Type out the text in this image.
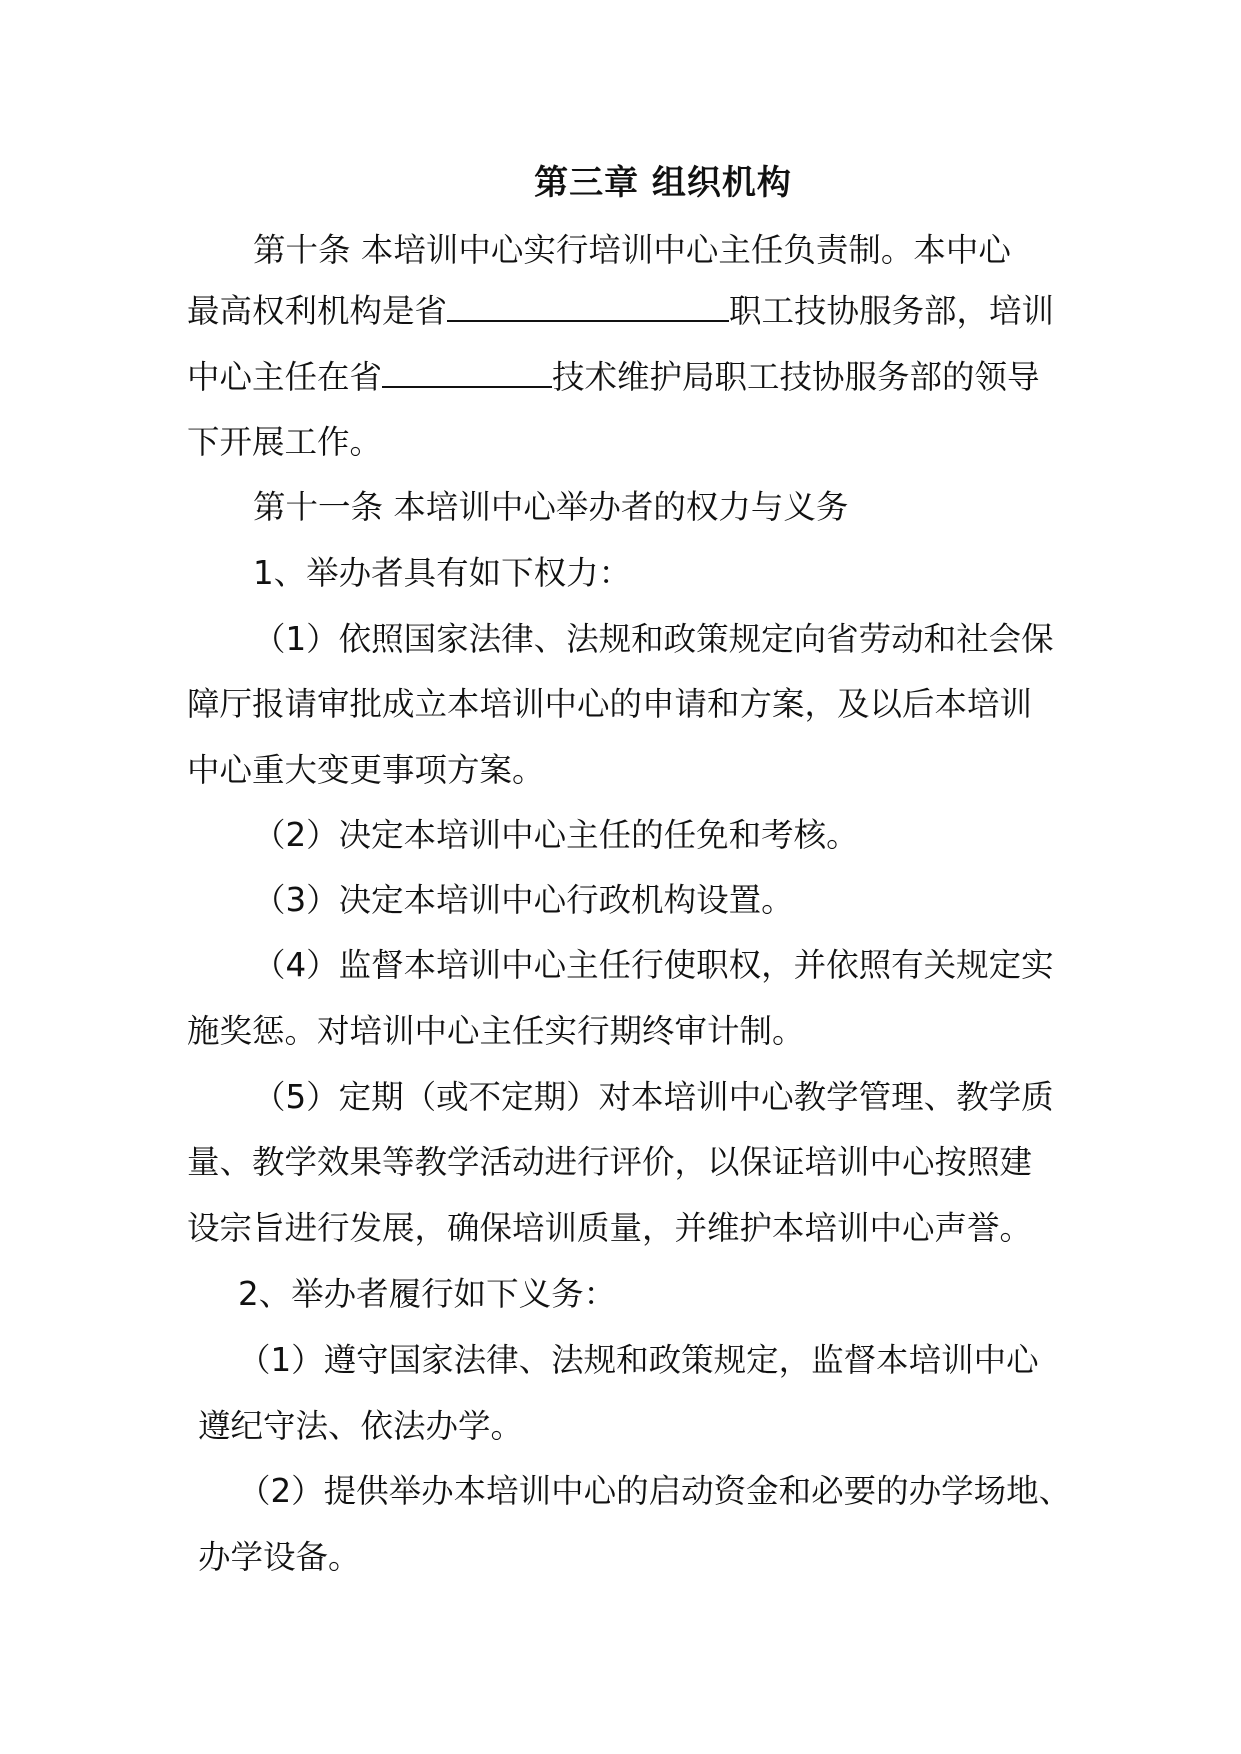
第三章 组织机构
第十条 本培训中心实行培训中心主任负责制。本中心
最高权利机构是省	职工技协服务部，培训
中心主任在省	技术维护局职工技协服务部的领导
下开展工作。
第十一条 本培训中心举办者的权力与义务
1、举办者具有如下权力：
（1）依照国家法律、法规和政策规定向省劳动和社会保
障厅报请审批成立本培训中心的申请和方案，及以后本培训
中心重大变更事项方案。
（2）决定本培训中心主任的任免和考核。
（3）决定本培训中心行政机构设置。
（4）监督本培训中心主任行使职权，并依照有关规定实
施奖惩。对培训中心主任实行期终审计制。
（5）定期（或不定期）对本培训中心教学管理、教学质
量、教学效果等教学活动进行评价，以保证培训中心按照建
设宗旨进行发展，确保培训质量，并维护本培训中心声誉。
2、举办者履行如下义务：
（1）遵守国家法律、法规和政策规定，监督本培训中心
遵纪守法、依法办学。
（2）提供举办本培训中心的启动资金和必要的办学场地、
办学设备。
